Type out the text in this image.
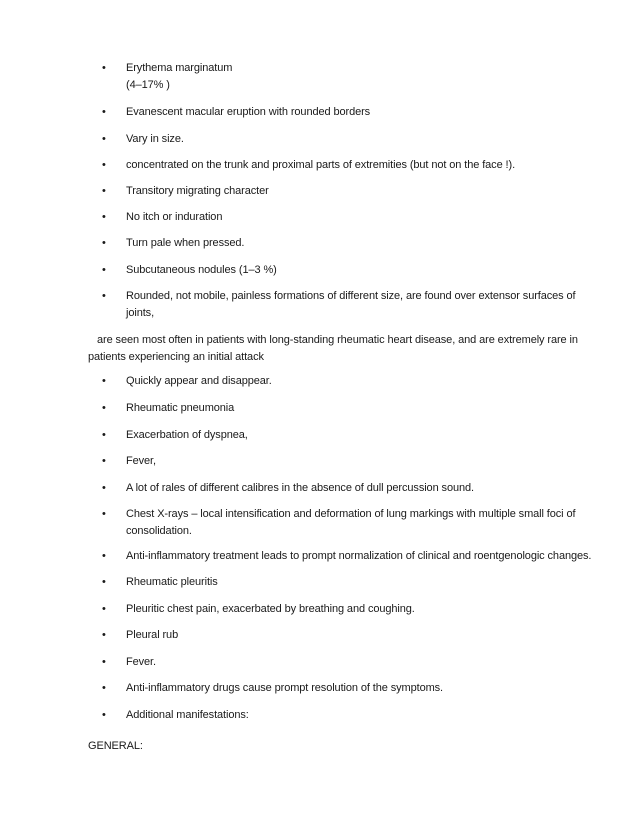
•	Erythema marginatum
(4–17% )
•	Evanescent macular eruption with rounded borders
•	Vary in size.
•	concentrated on the trunk and proximal parts of extremities (but not on the face !).
•	Transitory migrating character
•	No itch or induration
•	Turn pale when pressed.
•	Subcutaneous nodules (1–3 %)
•	Rounded, not mobile, painless formations of different size, are found over extensor surfaces of
joints,
are seen most often in patients with long-standing rheumatic heart disease, and are extremely rare in
patients experiencing an initial attack
•	Quickly appear and disappear.
•	Rheumatic pneumonia
•	Exacerbation of dyspnea,
•	Fever,
•	A lot of rales of different calibres in the absence of dull percussion sound.
•	Chest X-rays – local intensification and deformation of lung markings with multiple small foci of
consolidation.
•	Anti-inflammatory treatment leads to prompt normalization of clinical and roentgenologic changes.
•	Rheumatic pleuritis
•	Pleuritic chest pain, exacerbated by breathing and coughing.
•	Pleural rub
•	Fever.
•	Anti-inflammatory drugs cause prompt resolution of the symptoms.
•	Additional manifestations:
GENERAL:
